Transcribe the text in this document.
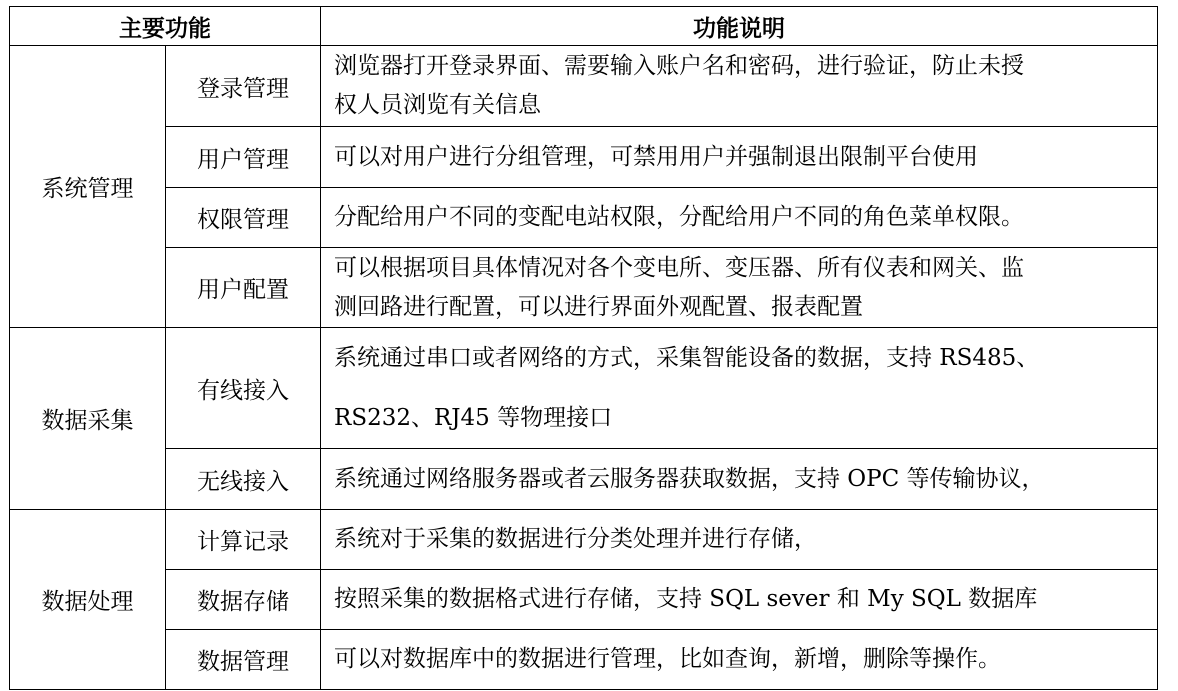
主要功能		功能说明
系统管理	登录管理	浏览器打开登录界面、需要输入账户名和密码，进行验证，防止未授
权人员浏览有关信息

	用户管理	可以对用户进行分组管理，可禁用用户并强制退出限制平台使用

	权限管理	分配给用户不同的变配电站权限，分配给用户不同的角色菜单权限。

	用户配置	可以根据项目具体情况对各个变电所、变压器、所有仪表和网关、监
测回路进行配置，可以进行界面外观配置、报表配置

数据采集	有线接入	系统通过串口或者网络的方式，采集智能设备的数据，支持 RS485、
RS232、RJ45 等物理接口

	无线接入	系统通过网络服务器或者云服务器获取数据，支持 OPC 等传输协议，

数据处理	计算记录	系统对于采集的数据进行分类处理并进行存储，

	数据存储	按照采集的数据格式进行存储，支持 SQL sever 和 My SQL 数据库

	数据管理	可以对数据库中的数据进行管理，比如查询，新增，删除等操作。
